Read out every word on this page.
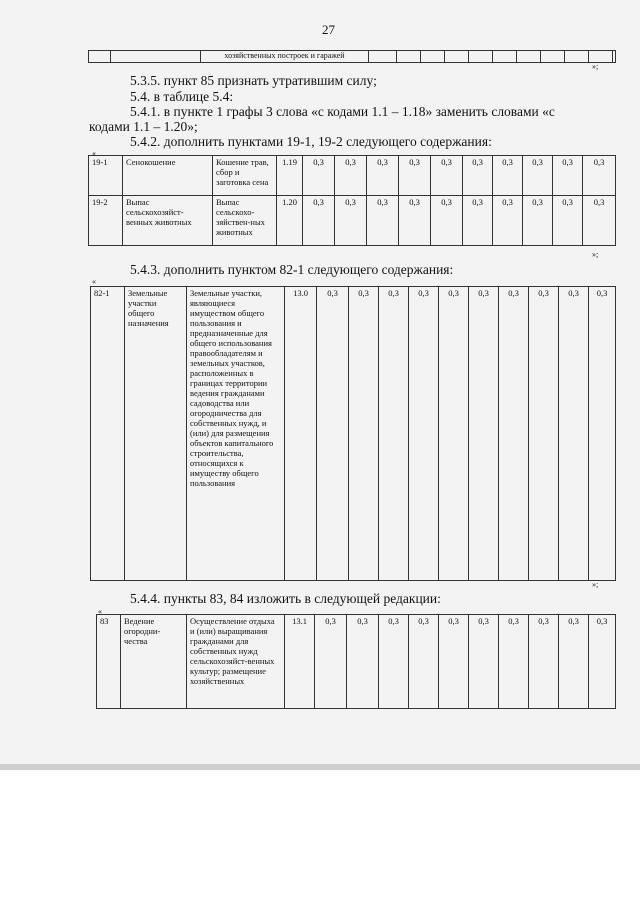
27
		хозяйственных построек и гаражей											
»;
5.3.5. пункт 85 признать утратившим силу;
5.4. в таблице 5.4:
5.4.1. в пункте 1 графы 3 слова «с кодами 1.1 – 1.18» заменить словами «с
кодами 1.1 – 1.20»;
5.4.2. дополнить пунктами 19-1, 19-2 следующего содержания:
«
19-1	Сенокошение	Кошение трав, сбор и заготовка сена	1.19	0,3	0,3	0,3	0,3	0,3	0,3	0,3	0,3	0,3	0,3
19-2	Выпас сельскохозяйст-венных животных	Выпас сельскохо-зяйствен-ных животных	1.20	0,3	0,3	0,3	0,3	0,3	0,3	0,3	0,3	0,3	0,3
»;
5.4.3. дополнить пунктом 82-1 следующего содержания:
«
82-1	Земельные участки общего назначения	Земельные участки, являющиеся имуществом общего пользования и предназначенные для общего использования правообладателям и земельных участков, расположенных в границах территории ведения гражданами садоводства или огородничества для собственных нужд, и (или) для размещения объектов капитального строительства, относящихся к имуществу общего пользования	13.0	0,3	0,3	0,3	0,3	0,3	0,3	0,3	0,3	0,3	0,3
»;
5.4.4. пункты 83, 84 изложить в следующей редакции:
«
83	Ведение огородни-чества	Осуществление отдыха и (или) выращивания гражданами для собственных нужд сельскохозяйст-венных культур; размещение хозяйственных	13.1	0,3	0,3	0,3	0,3	0,3	0,3	0,3	0,3	0,3	0,3
